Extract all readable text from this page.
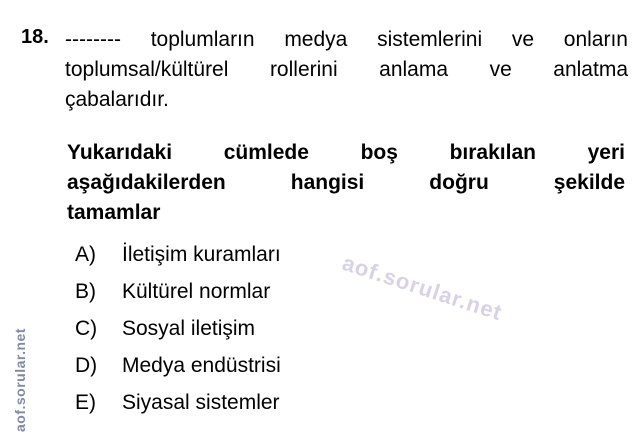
18. -------- toplumların medya sistemlerini ve onların
toplumsal/kültürel rollerini anlama ve anlatma
çabalarıdır.
Yukarıdaki cümlede boş bırakılan yeri
aşağıdakilerden hangisi doğru şekilde
tamamlar
A)	İletişim kuramları
B)	Kültürel normlar
C)	Sosyal iletişim
D)	Medya endüstrisi
E)	Siyasal sistemler
aof.sorular.net
aof.sorular.net
